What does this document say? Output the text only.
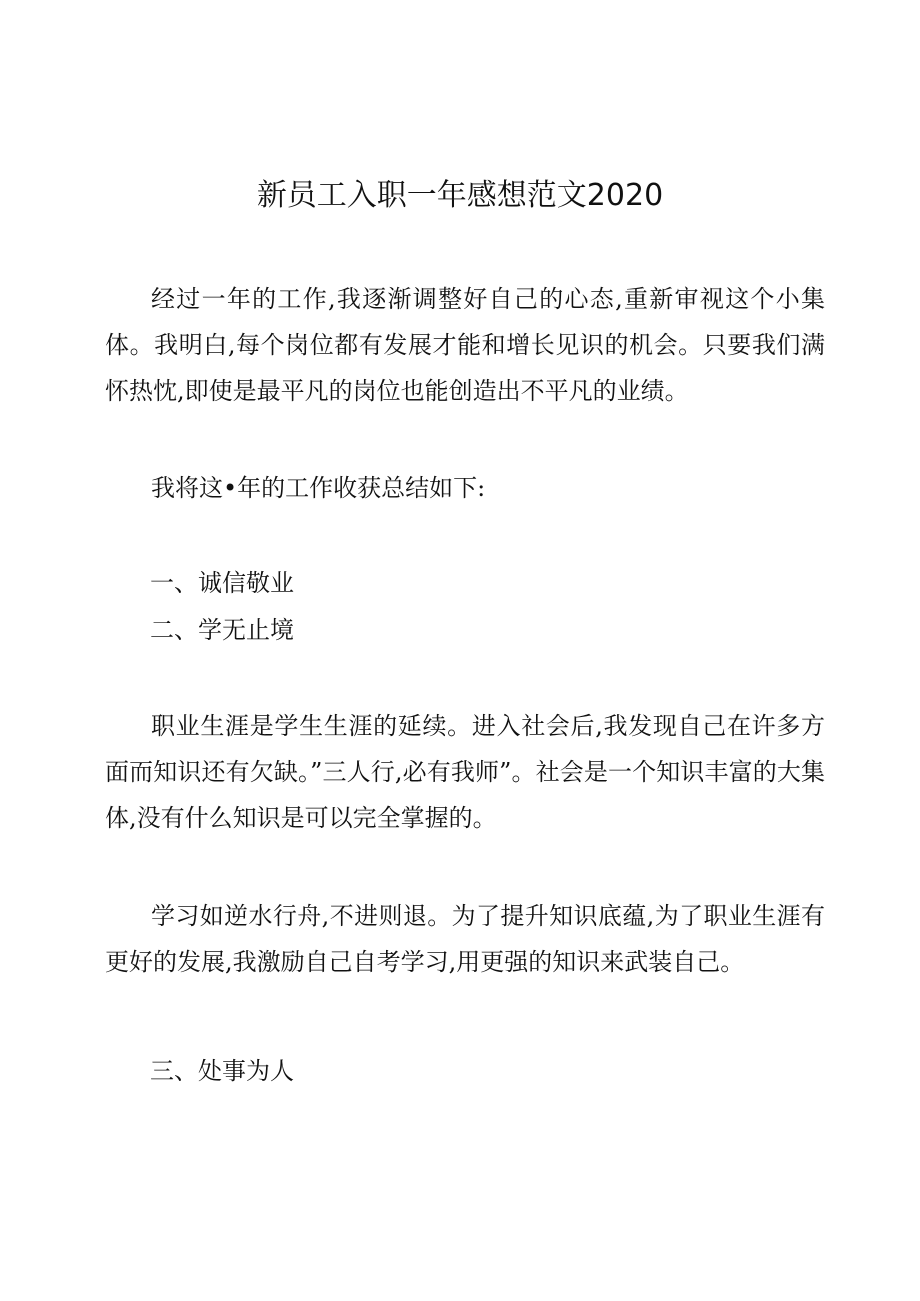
新员工入职一年感想范文2020

经过一年的工作,我逐渐调整好自己的心态,重新审视这个小集体。我明白,每个岗位都有发展才能和增长见识的机会。只要我们满怀热忱,即使是最平凡的岗位也能创造出不平凡的业绩。

我将这•年的工作收获总结如下:

一、诚信敬业

二、学无止境

职业生涯是学生生涯的延续。进入社会后,我发现自己在许多方面而知识还有欠缺。”三人行,必有我师”。社会是一个知识丰富的大集体,没有什么知识是可以完全掌握的。

学习如逆水行舟,不进则退。为了提升知识底蕴,为了职业生涯有更好的发展,我激励自己自考学习,用更强的知识来武装自己。

三、处事为人
